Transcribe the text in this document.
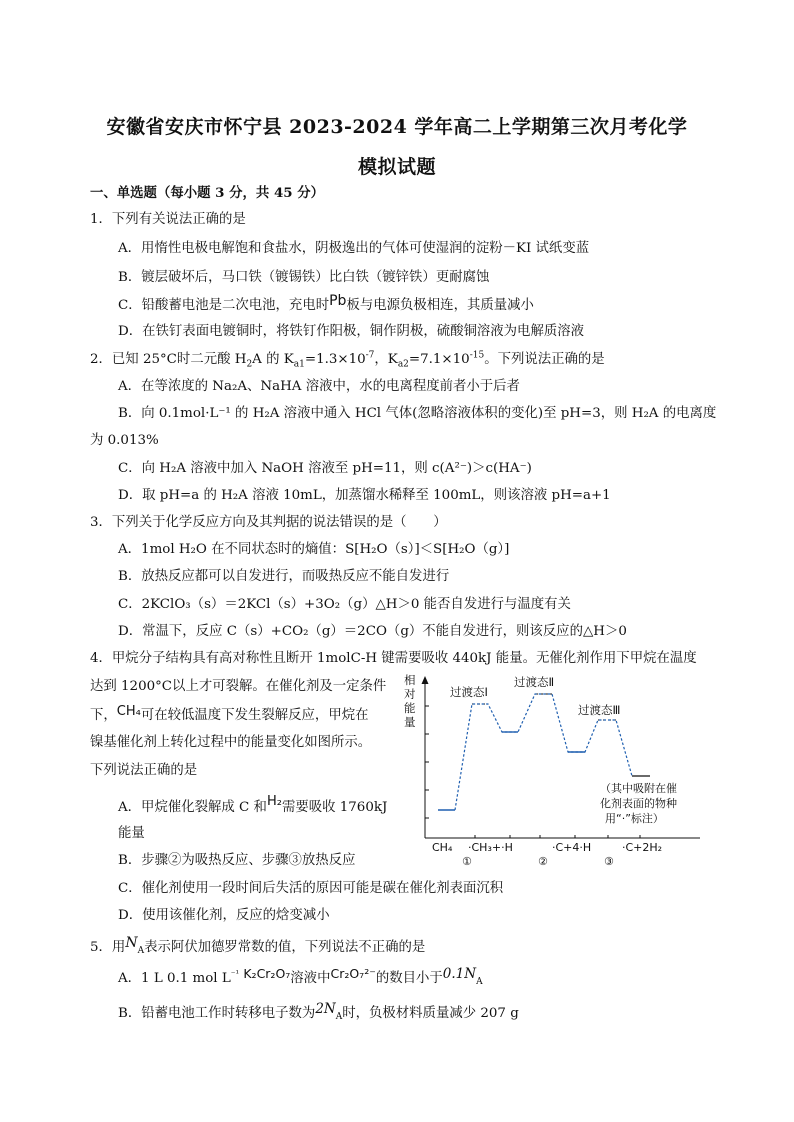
安徽省安庆市怀宁县 2023-2024 学年高二上学期第三次月考化学
模拟试题
一、单选题（每小题 3 分，共 45 分）
1．下列有关说法正确的是
A．用惰性电极电解饱和食盐水，阴极逸出的气体可使湿润的淀粉－KI 试纸变蓝
B．镀层破坏后，马口铁（镀锡铁）比白铁（镀锌铁）更耐腐蚀
C．铅酸蓄电池是二次电池，充电时Pb板与电源负极相连，其质量减小
D．在铁钉表面电镀铜时，将铁钉作阳极，铜作阴极，硫酸铜溶液为电解质溶液
2．已知 25°C时二元酸 $H_2A$ 的 $K_{a1}=1.3\times 10^{-7}$，$K_{a2}=7.1\times 10^{-15}$。下列说法正确的是
A．在等浓度的 Na₂A、NaHA 溶液中，水的电离程度前者小于后者
B．向 0.1mol·L⁻¹ 的 H₂A 溶液中通入 HCl 气体(忽略溶液体积的变化)至 pH=3，则 H₂A 的电离度
为 0.013%
C．向 H₂A 溶液中加入 NaOH 溶液至 pH=11，则 c(A²⁻)＞c(HA⁻)
D．取 pH=a 的 H₂A 溶液 10mL，加蒸馏水稀释至 100mL，则该溶液 pH=a+1
3．下列关于化学反应方向及其判据的说法错误的是（　　）
A．1mol H₂O 在不同状态时的熵值：S[H₂O（s）]＜S[H₂O（g）]
B．放热反应都可以自发进行，而吸热反应不能自发进行
C．2KClO₃（s）＝2KCl（s）+3O₂（g）△H＞0 能否自发进行与温度有关
D．常温下，反应 C（s）+CO₂（g）＝2CO（g）不能自发进行，则该反应的△H＞0
4．甲烷分子结构具有高对称性且断开 1molC-H 键需要吸收 440kJ 能量。无催化剂作用下甲烷在温度
达到 1200°C以上才可裂解。在催化剂及一定条件
下，CH₄可在较低温度下发生裂解反应，甲烷在
镍基催化剂上转化过程中的能量变化如图所示。
下列说法正确的是
A．甲烷催化裂解成 C 和H₂需要吸收 1760kJ
能量
B．步骤②为吸热反应、步骤③放热反应
C．催化剂使用一段时间后失活的原因可能是碳在催化剂表面沉积
D．使用该催化剂，反应的焓变减小
相
对
能
量
过渡态Ⅰ
过渡态Ⅱ
过渡态Ⅲ
（其中吸附在催
化剂表面的物种
用“·”标注）
CH₄ ·CH₃+·H	·C+4·H	·C+2H₂
①	②	③
5．用$N_A$表示阿伏加德罗常数的值，下列说法不正确的是
A．1 L 0.1 mol $L^{^{-1}}$ K₂Cr₂O₇溶液中Cr₂O₇²⁻的数目小于$0.1N_A$
B．铅蓄电池工作时转移电子数为$2N_A$时，负极材料质量减少 207 g
